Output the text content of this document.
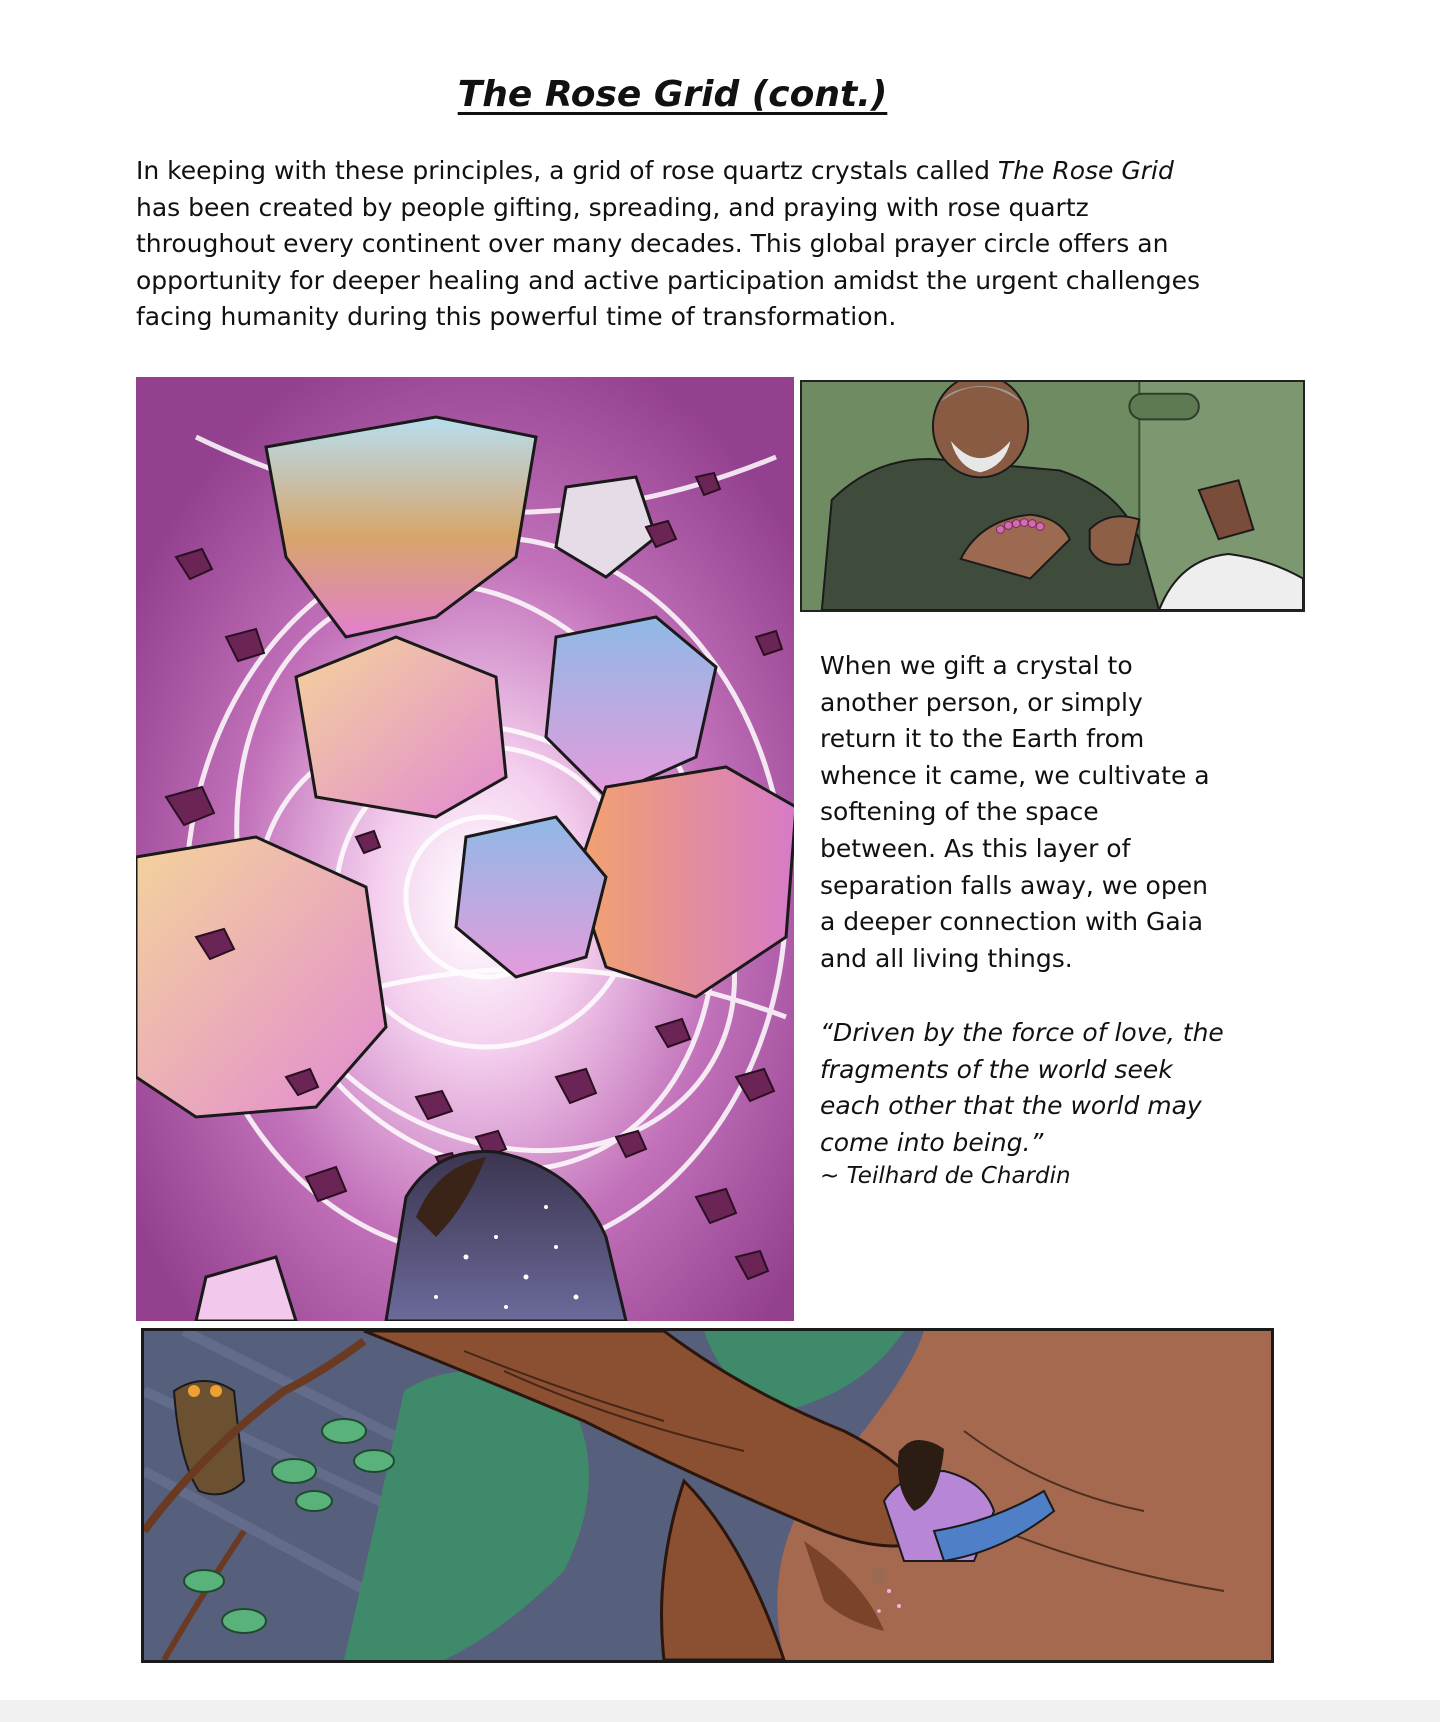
The Rose Grid (cont.)

In keeping with these principles, a grid of rose quartz crystals called The Rose Grid has been created by people gifting, spreading, and praying with rose quartz throughout every continent over many decades. This global prayer circle offers an opportunity for deeper healing and active participation amidst the urgent challenges facing humanity during this powerful time of transformation.

When we gift a crystal to another person, or simply return it to the Earth from whence it came, we cultivate a softening of the space between. As this layer of separation falls away, we open a deeper connection with Gaia and all living things.

“Driven by the force of love, the fragments of the world seek each other that the world may come into being.”

~ Teilhard de Chardin
